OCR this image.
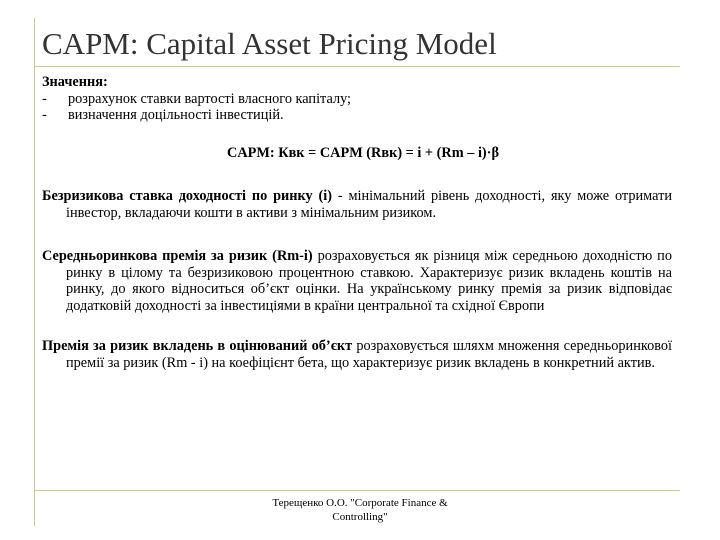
CAPM: Capital Asset Pricing Model

Значення:

- розрахунок ставки вартості власного капіталу;

- визначення доцільності інвестицій.

CAPM: Квк = CAPM (Rвк) = i + (Rm – i)·β

Безризикова ставка доходності по ринку (i) - мінімальний рівень доходності, яку може отримати інвестор, вкладаючи кошти в активи з мінімальним ризиком.

Середньоринкова премія за ризик (Rm-i) розраховується як різниця між середньою доходністю по ринку в цілому та безризиковою процентною ставкою. Характеризує ризик вкладень коштів на ринку, до якого відноситься об’єкт оцінки. На українському ринку премія за ризик відповідає додатковій доходності за інвестиціями в країни центральної та східної Європи

Премія за ризик вкладень в оцінюваний об’єкт розраховується шляхм множення середньоринкової премії за ризик (Rm - i) на коефіцієнт бета, що характеризує ризик вкладень в конкретний актив.

Терещенко О.О. "Corporate Finance &
Controlling"
